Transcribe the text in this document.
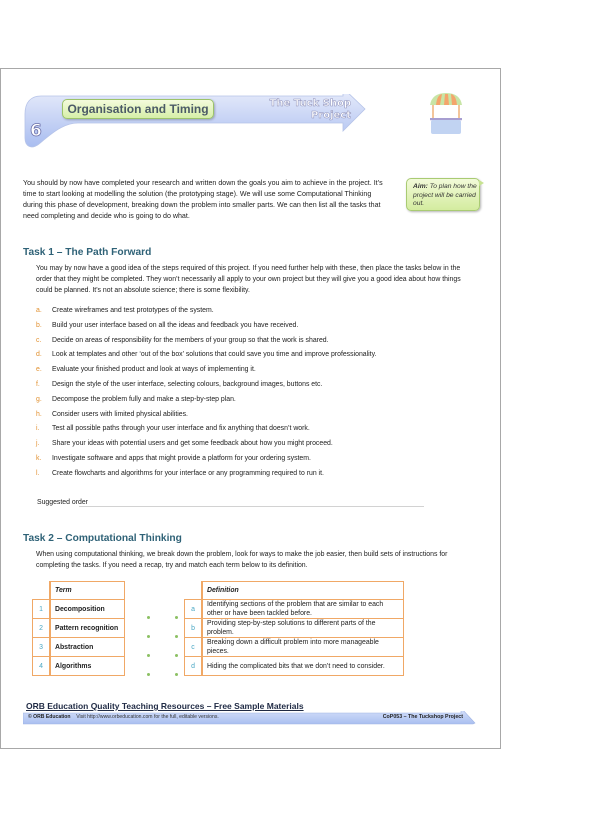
6
Organisation and Timing	The Tuck Shop
Project
You should by now have completed your research and written down the goals you aim to achieve in the project. It’s time to start looking at modelling the solution (the prototyping stage). We will use some Computational Thinking during this phase of development, breaking down the problem into smaller parts. We can then list all the tasks that need completing and decide who is going to do what.
Aim: To plan how the project will be carried out.
Task 1 – The Path Forward
You may by now have a good idea of the steps required of this project. If you need further help with these, then place the tasks below in the order that they might be completed. They won’t necessarily all apply to your own project but they will give you a good idea about how things could be planned. It’s not an absolute science; there is some flexibility.
a.	Create wireframes and test prototypes of the system.
b.	Build your user interface based on all the ideas and feedback you have received.
c.	Decide on areas of responsibility for the members of your group so that the work is shared.
d.	Look at templates and other ‘out of the box’ solutions that could save you time and improve professionality.
e.	Evaluate your finished product and look at ways of implementing it.
f.	Design the style of the user interface, selecting colours, background images, buttons etc.
g.	Decompose the problem fully and make a step-by-step plan.
h.	Consider users with limited physical abilities.
i.	Test all possible paths through your user interface and fix anything that doesn’t work.
j.	Share your ideas with potential users and get some feedback about how you might proceed.
k.	Investigate software and apps that might provide a platform for your ordering system.
l.	Create flowcharts and algorithms for your interface or any programming required to run it.
Suggested order
Task 2 – Computational Thinking
When using computational thinking, we break down the problem, look for ways to make the job easier, then build sets of instructions for completing the tasks. If you need a recap, try and match each term below to its definition.
	Term
1	Decomposition
2	Pattern recognition
3	Abstraction
4	Algorithms
	Definition
a	Identifying sections of the problem that are similar to each other or have been tackled before.
b	Providing step-by-step solutions to different parts of the problem.
c	Breaking down a difficult problem into more manageable pieces.
d	Hiding the complicated bits that we don’t need to consider.
ORB Education Quality Teaching Resources – Free Sample Materials
© ORB Education Visit http://www.orbeducation.com for the full, editable versions.	CoP053 – The Tuckshop Project
